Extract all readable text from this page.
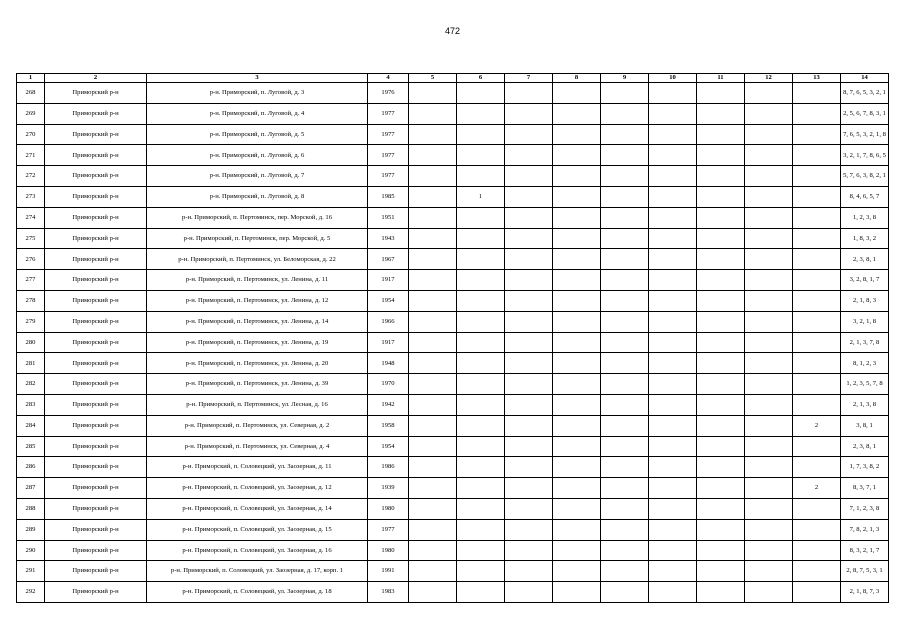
472
1	2	3	4	5	6	7	8	9	10	11	12	13	14
268	Приморский р-н	р-н. Приморский, п. Луговой, д. 3	1976										8, 7, 6, 5, 3, 2, 1
269	Приморский р-н	р-н. Приморский, п. Луговой, д. 4	1977										2, 5, 6, 7, 8, 3, 1
270	Приморский р-н	р-н. Приморский, п. Луговой, д. 5	1977										7, 6, 5, 3, 2, 1, 8
271	Приморский р-н	р-н. Приморский, п. Луговой, д. 6	1977										3, 2, 1, 7, 8, 6, 5
272	Приморский р-н	р-н. Приморский, п. Луговой, д. 7	1977										5, 7, 6, 3, 8, 2, 1
273	Приморский р-н	р-н. Приморский, п. Луговой, д. 8	1985		1								8, 4, 6, 5, 7
274	Приморский р-н	р-н. Приморский, п. Пертоминск, пер. Морской, д. 16	1951										1, 2, 3, 8
275	Приморский р-н	р-н. Приморский, п. Пертоминск, пер. Морской, д. 5	1943										1, 8, 3, 2
276	Приморский р-н	р-н. Приморский, п. Пертоминск, ул. Беломорская, д. 22	1967										2, 3, 8, 1
277	Приморский р-н	р-н. Приморский, п. Пертоминск, ул. Ленина, д. 11	1917										3, 2, 8, 1, 7
278	Приморский р-н	р-н. Приморский, п. Пертоминск, ул. Ленина, д. 12	1954										2, 1, 8, 3
279	Приморский р-н	р-н. Приморский, п. Пертоминск, ул. Ленина, д. 14	1966										3, 2, 1, 8
280	Приморский р-н	р-н. Приморский, п. Пертоминск, ул. Ленина, д. 19	1917										2, 1, 3, 7, 8
281	Приморский р-н	р-н. Приморский, п. Пертоминск, ул. Ленина, д. 20	1948										8, 1, 2, 3
282	Приморский р-н	р-н. Приморский, п. Пертоминск, ул. Ленина, д. 39	1970										1, 2, 3, 5, 7, 8
283	Приморский р-н	р-н. Приморский, п. Пертоминск, ул. Лесная, д. 16	1942										2, 1, 3, 8
284	Приморский р-н	р-н. Приморский, п. Пертоминск, ул. Северная, д. 2	1958									2	3, 8, 1
285	Приморский р-н	р-н. Приморский, п. Пертоминск, ул. Северная, д. 4	1954										2, 3, 8, 1
286	Приморский р-н	р-н. Приморский, п. Соловецкий, ул. Заозерная, д. 11	1986										1, 7, 3, 8, 2
287	Приморский р-н	р-н. Приморский, п. Соловецкий, ул. Заозерная, д. 12	1939									2	8, 3, 7, 1
288	Приморский р-н	р-н. Приморский, п. Соловецкий, ул. Заозерная, д. 14	1980										7, 1, 2, 3, 8
289	Приморский р-н	р-н. Приморский, п. Соловецкий, ул. Заозерная, д. 15	1977										7, 8, 2, 1, 3
290	Приморский р-н	р-н. Приморский, п. Соловецкий, ул. Заозерная, д. 16	1980										8, 3, 2, 1, 7
291	Приморский р-н	р-н. Приморский, п. Соловецкий, ул. Заозерная, д. 17, корп. 1	1991										2, 8, 7, 5, 3, 1
292	Приморский р-н	р-н. Приморский, п. Соловецкий, ул. Заозерная, д. 18	1983										2, 1, 8, 7, 3
